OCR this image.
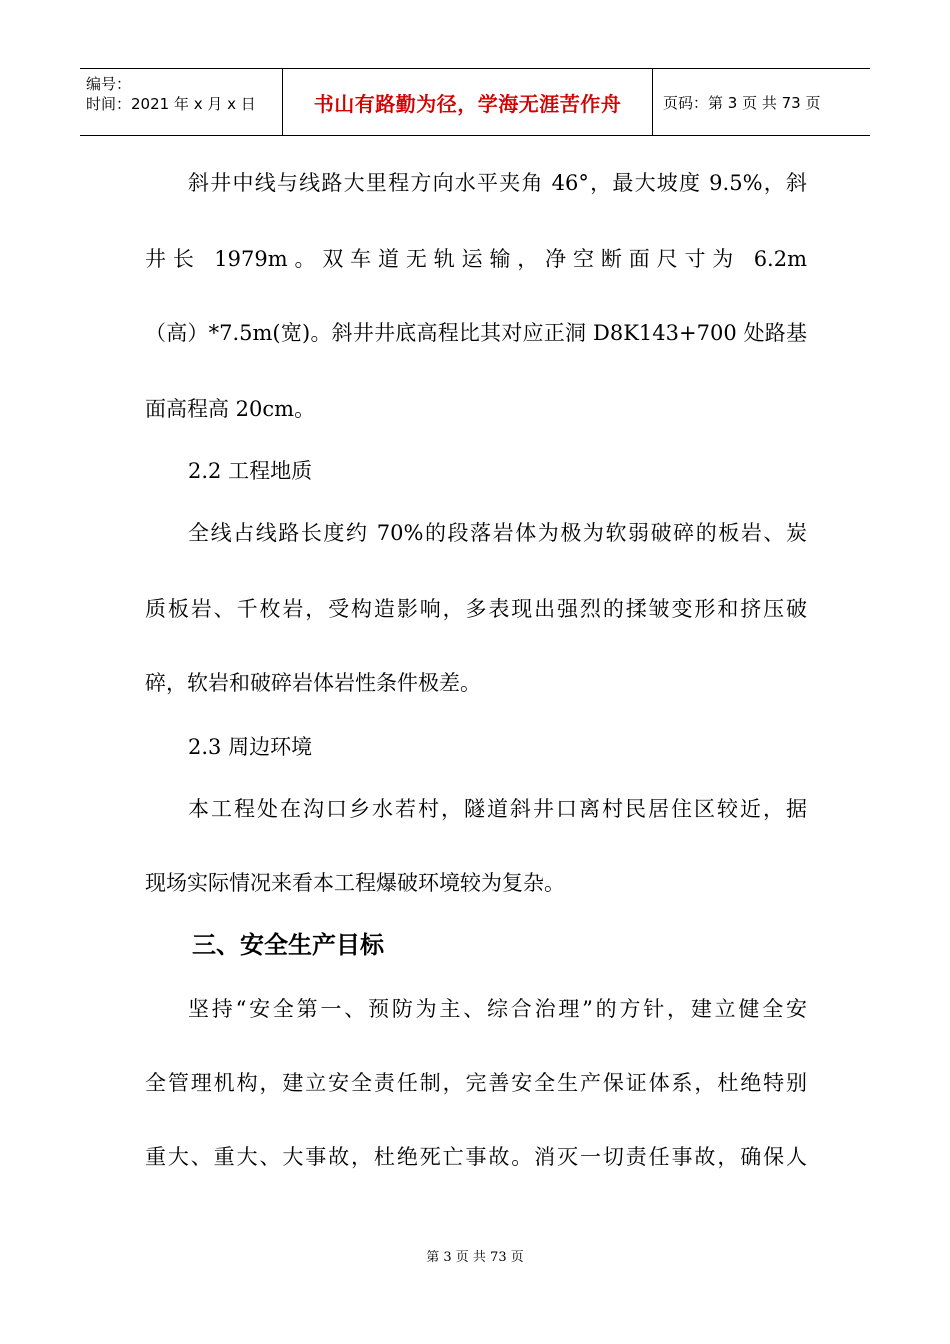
编号：
时间：2021 年 x 月 x 日	书山有路勤为径，学海无涯苦作舟	页码：第 3 页 共 73 页
斜井中线与线路大里程方向水平夹角 46°，最大坡度 9.5%，斜
井长 1979m。双车道无轨运输，净空断面尺寸为 6.2m
（高）*7.5m(宽)。斜井井底高程比其对应正洞 D8K143+700 处路基
面高程高 20cm。
2.2 工程地质
全线占线路长度约 70%的段落岩体为极为软弱破碎的板岩、炭
质板岩、千枚岩，受构造影响，多表现出强烈的揉皱变形和挤压破
碎，软岩和破碎岩体岩性条件极差。
2.3 周边环境
本工程处在沟口乡水若村，隧道斜井口离村民居住区较近，据
现场实际情况来看本工程爆破环境较为复杂。
三、安全生产目标
坚持“安全第一、预防为主、综合治理”的方针，建立健全安
全管理机构，建立安全责任制，完善安全生产保证体系，杜绝特别
重大、重大、大事故，杜绝死亡事故。消灭一切责任事故，确保人
第 3 页 共 73 页
